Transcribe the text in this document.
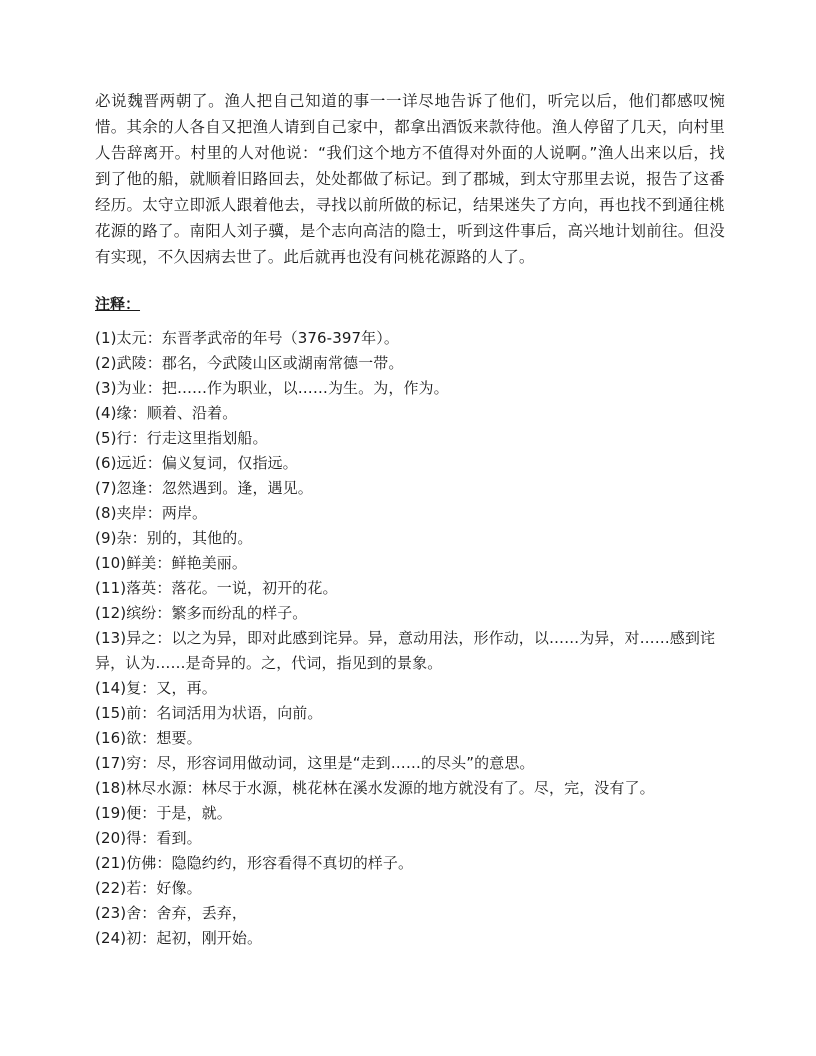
必说魏晋两朝了。渔人把自己知道的事一一详尽地告诉了他们，听完以后，他们都感叹惋惜。其余的人各自又把渔人请到自己家中，都拿出酒饭来款待他。渔人停留了几天，向村里人告辞离开。村里的人对他说：“我们这个地方不值得对外面的人说啊。”渔人出来以后，找到了他的船，就顺着旧路回去，处处都做了标记。到了郡城，到太守那里去说，报告了这番经历。太守立即派人跟着他去，寻找以前所做的标记，结果迷失了方向，再也找不到通往桃花源的路了。南阳人刘子骥，是个志向高洁的隐士，听到这件事后，高兴地计划前往。但没有实现，不久因病去世了。此后就再也没有问桃花源路的人了。

注释：

(1)太元：东晋孝武帝的年号（376-397年）。

(2)武陵：郡名，今武陵山区或湖南常德一带。

(3)为业：把……作为职业，以……为生。为，作为。

(4)缘：顺着、沿着。

(5)行：行走这里指划船。

(6)远近：偏义复词，仅指远。

(7)忽逢：忽然遇到。逢，遇见。

(8)夹岸：两岸。

(9)杂：别的，其他的。

(10)鲜美：鲜艳美丽。

(11)落英：落花。一说，初开的花。

(12)缤纷：繁多而纷乱的样子。

(13)异之：以之为异，即对此感到诧异。异，意动用法，形作动，以……为异，对……感到诧异，认为……是奇异的。之，代词，指见到的景象。

(14)复：又，再。

(15)前：名词活用为状语，向前。

(16)欲：想要。

(17)穷：尽，形容词用做动词，这里是“走到……的尽头”的意思。

(18)林尽水源：林尽于水源，桃花林在溪水发源的地方就没有了。尽，完，没有了。

(19)便：于是，就。

(20)得：看到。

(21)仿佛：隐隐约约，形容看得不真切的样子。

(22)若：好像。

(23)舍：舍弃，丢弃，

(24)初：起初，刚开始。
